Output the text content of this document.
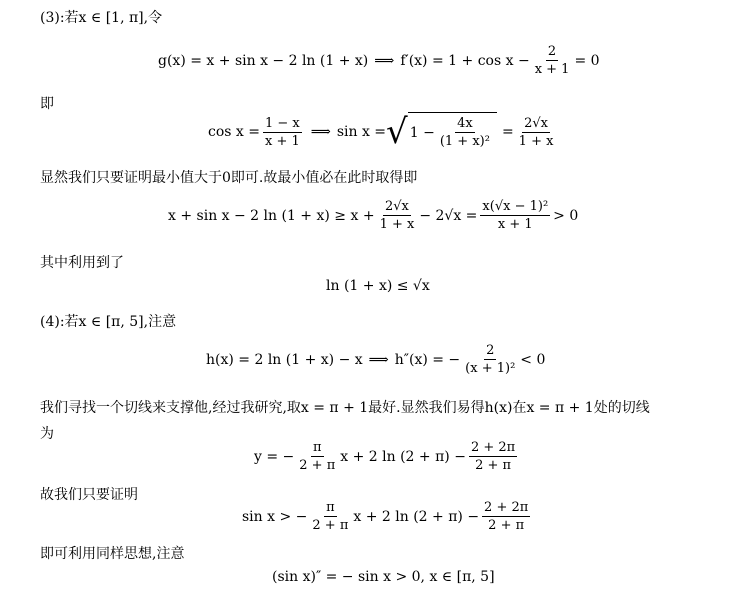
(3):若x ∈ [1, π],令
g(x) = x + sin x − 2 ln (1 + x) ⟹ $f'(x) = 1 + \cos x - \frac{2}{x + 1} = 0$
即
$\cos x = \frac{1 - x}{x + 1}$ ⟹ sin x = √ $1 - \frac{4x}{\text{(1 + x)²}} = \frac{2√x}{1 + x}$
显然我们只要证明最小值大于0即可.故最小值必在此时取得即
x + sin x − 2 $\ln (1 + x) \ge x + \frac{2√x}{1 + x} - 2√x = \frac{\text{x(√x − 1)²}}{x + 1} > 0$
其中利用到了
ln (1 + x) ≤ √x
(4):若x ∈ [π, 5],注意
h(x) = 2 ln (1 + x) − x ⟹ h″(x) = − $\frac{2}{\text{(x + 1)²}} < 0$
我们寻找一个切线来支撑他,经过我研究,取x = π + 1最好.显然我们易得h(x)在x = π + 1处的切线
为
y = − $\frac{\pi}{2 + \pi}$ x + 2 $\ln (2 + \pi) - \frac{2 + 2\pi}{2 + \pi}$
故我们只要证明
sin x > − $\frac{\pi}{2 + \pi}$ x + 2 $\ln (2 + \pi) - \frac{2 + 2\pi}{2 + \pi}$
即可利用同样思想,注意
(sin x)″ = − sin x > 0, x ∈ [π, 5]
